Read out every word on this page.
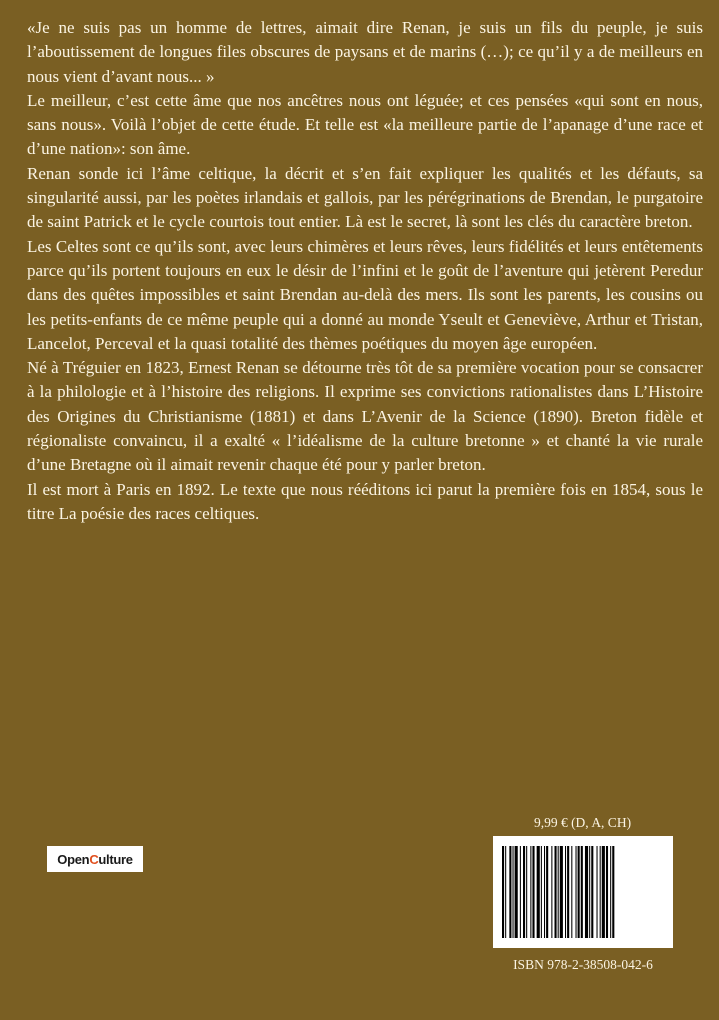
«Je ne suis pas un homme de lettres, aimait dire Renan, je suis un fils du peuple, je suis l’aboutissement de longues files obscures de paysans et de marins (…); ce qu’il y a de meilleurs en nous vient d’avant nous... »

Le meilleur, c’est cette âme que nos ancêtres nous ont léguée; et ces pensées «qui sont en nous, sans nous». Voilà l’objet de cette étude. Et telle est «la meilleure partie de l’apanage d’une race et d’une nation»: son âme.

Renan sonde ici l’âme celtique, la décrit et s’en fait expliquer les qualités et les défauts, sa singularité aussi, par les poètes irlandais et gallois, par les pérégrinations de Brendan, le purgatoire de saint Patrick et le cycle courtois tout entier. Là est le secret, là sont les clés du caractère breton.

Les Celtes sont ce qu’ils sont, avec leurs chimères et leurs rêves, leurs fidélités et leurs entêtements parce qu’ils portent toujours en eux le désir de l’infini et le goût de l’aventure qui jetèrent Peredur dans des quêtes impossibles et saint Brendan au-delà des mers. Ils sont les parents, les cousins ou les petits-enfants de ce même peuple qui a donné au monde Yseult et Geneviève, Arthur et Tristan, Lancelot, Perceval et la quasi totalité des thèmes poétiques du moyen âge européen.

Né à Tréguier en 1823, Ernest Renan se détourne très tôt de sa première vocation pour se consacrer à la philologie et à l’histoire des religions. Il exprime ses convictions rationalistes dans L’Histoire des Origines du Christianisme (1881) et dans L’Avenir de la Science (1890). Breton fidèle et régionaliste convaincu, il a exalté « l’idéalisme de la culture bretonne » et chanté la vie rurale d’une Bretagne où il aimait revenir chaque été pour y parler breton.

Il est mort à Paris en 1892. Le texte que nous rééditons ici parut la première fois en 1854, sous le titre La poésie des races celtiques.

Open C ulture
9,99 € (D, A, CH)
ISBN 978-2-38508-042-6
